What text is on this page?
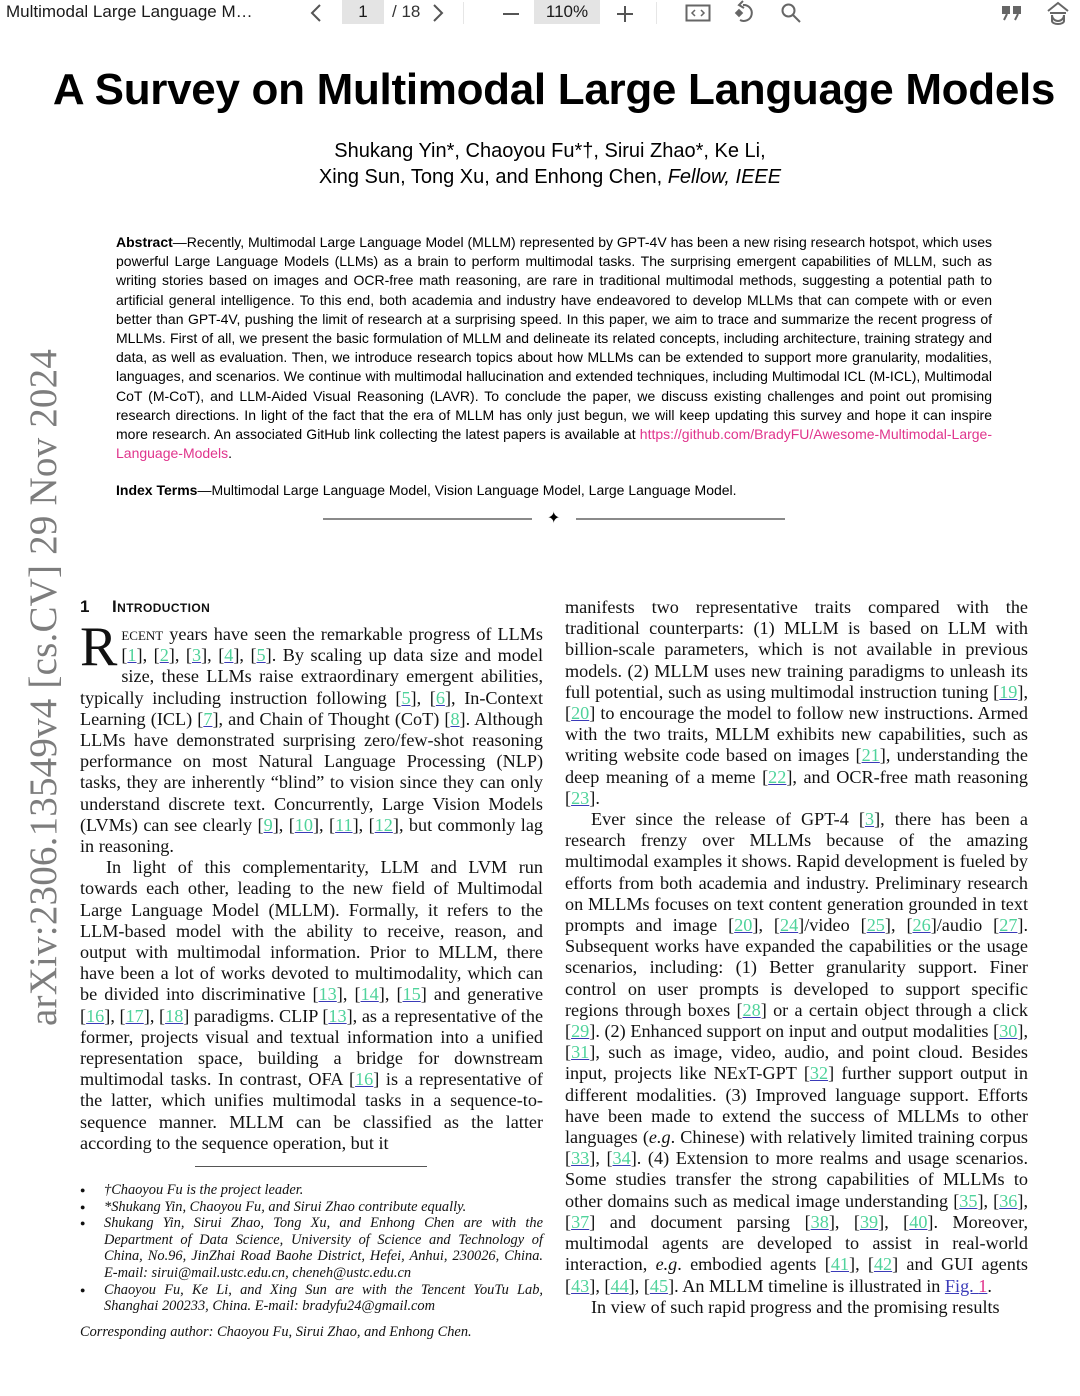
Multimodal Large Language M…
1	/ 18	110%
arXiv:2306.13549v4 [cs.CV] 29 Nov 2024
A Survey on Multimodal Large Language Models
Shukang Yin*, Chaoyou Fu*†, Sirui Zhao*, Ke Li,
Xing Sun, Tong Xu, and Enhong Chen, Fellow, IEEE
Abstract—Recently, Multimodal Large Language Model (MLLM) represented by GPT-4V has been a new rising research hotspot, which uses powerful Large Language Models (LLMs) as a brain to perform multimodal tasks. The surprising emergent capabilities of MLLM, such as writing stories based on images and OCR-free math reasoning, are rare in traditional multimodal methods, suggesting a potential path to artificial general intelligence. To this end, both academia and industry have endeavored to develop MLLMs that can compete with or even better than GPT-4V, pushing the limit of research at a surprising speed. In this paper, we aim to trace and summarize the recent progress of MLLMs. First of all, we present the basic formulation of MLLM and delineate its related concepts, including architecture, training strategy and data, as well as evaluation. Then, we introduce research topics about how MLLMs can be extended to support more granularity, modalities, languages, and scenarios. We continue with multimodal hallucination and extended techniques, including Multimodal ICL (M-ICL), Multimodal CoT (M-CoT), and LLM-Aided Visual Reasoning (LAVR). To conclude the paper, we discuss existing challenges and point out promising research directions. In light of the fact that the era of MLLM has only just begun, we will keep updating this survey and hope it can inspire more research. An associated GitHub link collecting the latest papers is available at https://github.com/BradyFU/Awesome-Multimodal-Large-Language-Models.
Index Terms—Multimodal Large Language Model, Vision Language Model, Large Language Model.
✦
1 Introduction
Recent years have seen the remarkable progress of LLMs [1], [2], [3], [4], [5]. By scaling up data size and model size, these LLMs raise extraordinary emergent abilities, typically including instruction following [5], [6], In-Context Learning (ICL) [7], and Chain of Thought (CoT) [8]. Although LLMs have demonstrated surprising zero/few-shot reasoning performance on most Natural Language Processing (NLP) tasks, they are inherently “blind” to vision since they can only understand discrete text. Concurrently, Large Vision Models (LVMs) can see clearly [9], [10], [11], [12], but commonly lag in reasoning.
In light of this complementarity, LLM and LVM run towards each other, leading to the new field of Multimodal Large Language Model (MLLM). Formally, it refers to the LLM-based model with the ability to receive, reason, and output with multimodal information. Prior to MLLM, there have been a lot of works devoted to multimodality, which can be divided into discriminative [13], [14], [15] and generative [16], [17], [18] paradigms. CLIP [13], as a representative of the former, projects visual and textual information into a unified representation space, building a bridge for downstream multimodal tasks. In contrast, OFA [16] is a representative of the latter, which unifies multimodal tasks in a sequence-to-sequence manner. MLLM can be classified as the latter according to the sequence operation, but it
● †Chaoyou Fu is the project leader.
● *Shukang Yin, Chaoyou Fu, and Sirui Zhao contribute equally.
● Shukang Yin, Sirui Zhao, Tong Xu, and Enhong Chen are with the Department of Data Science, University of Science and Technology of China, No.96, JinZhai Road Baohe District, Hefei, Anhui, 230026, China. E-mail: sirui@mail.ustc.edu.cn, cheneh@ustc.edu.cn
● Chaoyou Fu, Ke Li, and Xing Sun are with the Tencent YouTu Lab, Shanghai 200233, China. E-mail: bradyfu24@gmail.com
Corresponding author: Chaoyou Fu, Sirui Zhao, and Enhong Chen.
manifests two representative traits compared with the traditional counterparts: (1) MLLM is based on LLM with billion-scale parameters, which is not available in previous models. (2) MLLM uses new training paradigms to unleash its full potential, such as using multimodal instruction tuning [19], [20] to encourage the model to follow new instructions. Armed with the two traits, MLLM exhibits new capabilities, such as writing website code based on images [21], understanding the deep meaning of a meme [22], and OCR-free math reasoning [23].
Ever since the release of GPT-4 [3], there has been a research frenzy over MLLMs because of the amazing multimodal examples it shows. Rapid development is fueled by efforts from both academia and industry. Preliminary research on MLLMs focuses on text content generation grounded in text prompts and image [20], [24]/video [25], [26]/audio [27]. Subsequent works have expanded the capabilities or the usage scenarios, including: (1) Better granularity support. Finer control on user prompts is developed to support specific regions through boxes [28] or a certain object through a click [29]. (2) Enhanced support on input and output modalities [30], [31], such as image, video, audio, and point cloud. Besides input, projects like NExT-GPT [32] further support output in different modalities. (3) Improved language support. Efforts have been made to extend the success of MLLMs to other languages (e.g. Chinese) with relatively limited training corpus [33], [34]. (4) Extension to more realms and usage scenarios. Some studies transfer the strong capabilities of MLLMs to other domains such as medical image understanding [35], [36], [37] and document parsing [38], [39], [40]. Moreover, multimodal agents are developed to assist in real-world interaction, e.g. embodied agents [41], [42] and GUI agents [43], [44], [45]. An MLLM timeline is illustrated in Fig. 1.
In view of such rapid progress and the promising results
